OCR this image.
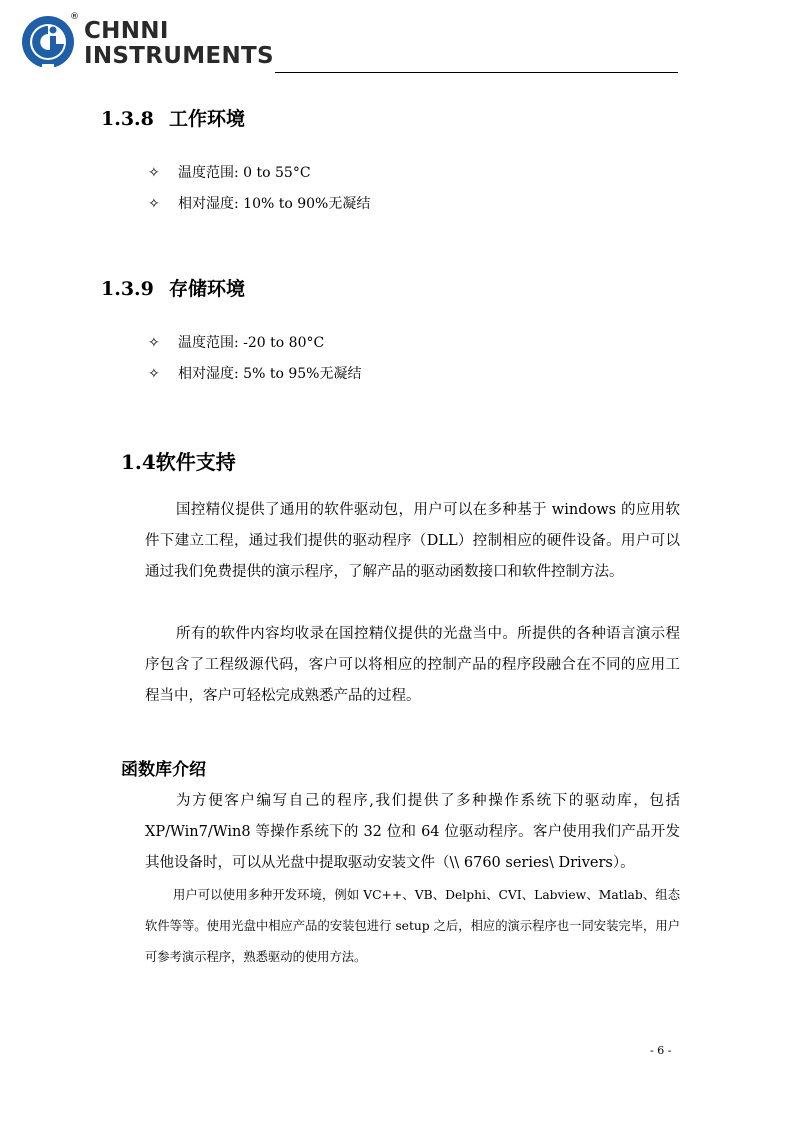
®
CHNNI
INSTRUMENTS
1.3.8 工作环境
✧ 温度范围: 0 to 55°C
✧ 相对湿度: 10% to 90%无凝结
1.3.9 存储环境
✧ 温度范围: -20 to 80°C
✧ 相对湿度: 5% to 95%无凝结
1.4软件支持

国控精仪提供了通用的软件驱动包，用户可以在多种基于 windows 的应用软件下建立工程，通过我们提供的驱动程序（DLL）控制相应的硬件设备。用户可以通过我们免费提供的演示程序，了解产品的驱动函数接口和软件控制方法。

所有的软件内容均收录在国控精仪提供的光盘当中。所提供的各种语言演示程序包含了工程级源代码，客户可以将相应的控制产品的程序段融合在不同的应用工程当中，客户可轻松完成熟悉产品的过程。

函数库介绍

为方便客户编写自己的程序,我们提供了多种操作系统下的驱动库，包括XP/Win7/Win8 等操作系统下的 32 位和 64 位驱动程序。客户使用我们产品开发其他设备时，可以从光盘中提取驱动安装文件（\\ 6760 series\ Drivers）。

用户可以使用多种开发环境，例如 VC++、VB、Delphi、CVI、Labview、Matlab、组态软件等等。使用光盘中相应产品的安装包进行 setup 之后，相应的演示程序也一同安装完毕，用户可参考演示程序，熟悉驱动的使用方法。

- 6 -
